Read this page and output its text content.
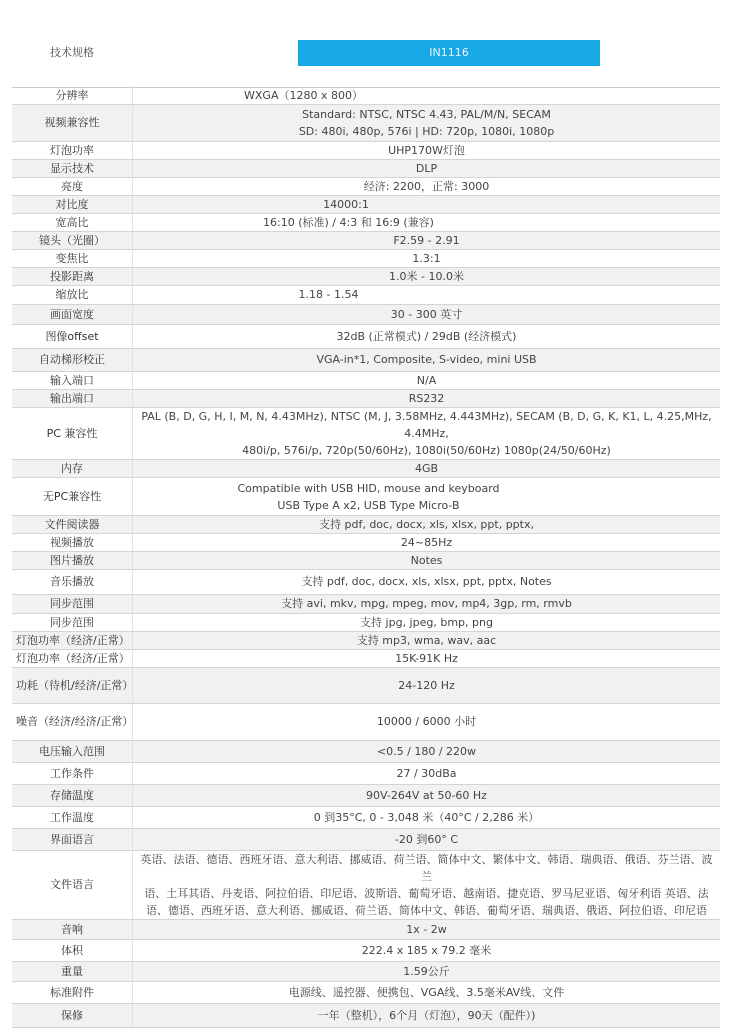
技术规格	IN1116
分辨率	WXGA（1280 x 800）

视频兼容性	Standard: NTSC, NTSC 4.43, PAL/M/N, SECAM
SD: 480i, 480p, 576i | HD: 720p, 1080i, 1080p

灯泡功率	UHP170W灯泡

显示技术	DLP

亮度	经济: 2200，正常: 3000

对比度	14000:1

宽高比	16:10 (标准) / 4:3 和 16:9 (兼容)

镜头（光圈）	F2.59 - 2.91

变焦比	1.3:1

投影距离	1.0米 - 10.0米

缩放比	1.18 - 1.54

画面宽度	30 - 300 英寸

图像offset	32dB (正常模式) / 29dB (经济模式)

自动梯形校正	VGA-in*1, Composite, S-video, mini USB

输入端口	N/A

输出端口	RS232

PC 兼容性	PAL (B, D, G, H, I, M, N, 4.43MHz), NTSC (M, J, 3.58MHz, 4.443MHz), SECAM (B, D, G, K, K1, L, 4.25,MHz, 4.4MHz,
480i/p, 576i/p, 720p(50/60Hz), 1080i(50/60Hz) 1080p(24/50/60Hz)

内存	4GB

无PC兼容性	Compatible with USB HID, mouse and keyboard
USB Type A x2, USB Type Micro-B

文件阅读器	支持 pdf, doc, docx, xls, xlsx, ppt, pptx,

视频播放	24~85Hz

图片播放	Notes

音乐播放	支持 pdf, doc, docx, xls, xlsx, ppt, pptx, Notes

同步范围	支持 avi, mkv, mpg, mpeg, mov, mp4, 3gp, rm, rmvb

同步范围	支持 jpg, jpeg, bmp, png

灯泡功率（经济/正常）	支持 mp3, wma, wav, aac

灯泡功率（经济/正常）	15K-91K Hz

功耗（待机/经济/正常）	24-120 Hz

噪音（经济/经济/正常）	10000 / 6000 小时

电压输入范围	<0.5 / 180 / 220w

工作条件	27 / 30dBa

存储温度	90V-264V at 50-60 Hz

工作温度	0 到35°C, 0 - 3,048 米（40°C / 2,286 米）

界面语言	-20 到60° C

文件语言	英语、法语、德语、西班牙语、意大利语、挪威语、荷兰语、简体中文、繁体中文、韩语、瑞典语、俄语、芬兰语、波兰
语、土耳其语、丹麦语、阿拉伯语、印尼语、波斯语、葡萄牙语、越南语、捷克语、罗马尼亚语、匈牙利语 英语、法
语、德语、西班牙语、意大利语、挪威语、荷兰语、简体中文、韩语、葡萄牙语、瑞典语、俄语、阿拉伯语、印尼语

音响	1x - 2w

体积	222.4 x 185 x 79.2 毫米

重量	1.59公斤

标准附件	电源线、遥控器、便携包、VGA线、3.5毫米AV线、文件

保修	一年（整机），6个月（灯泡），90天（配件）)
